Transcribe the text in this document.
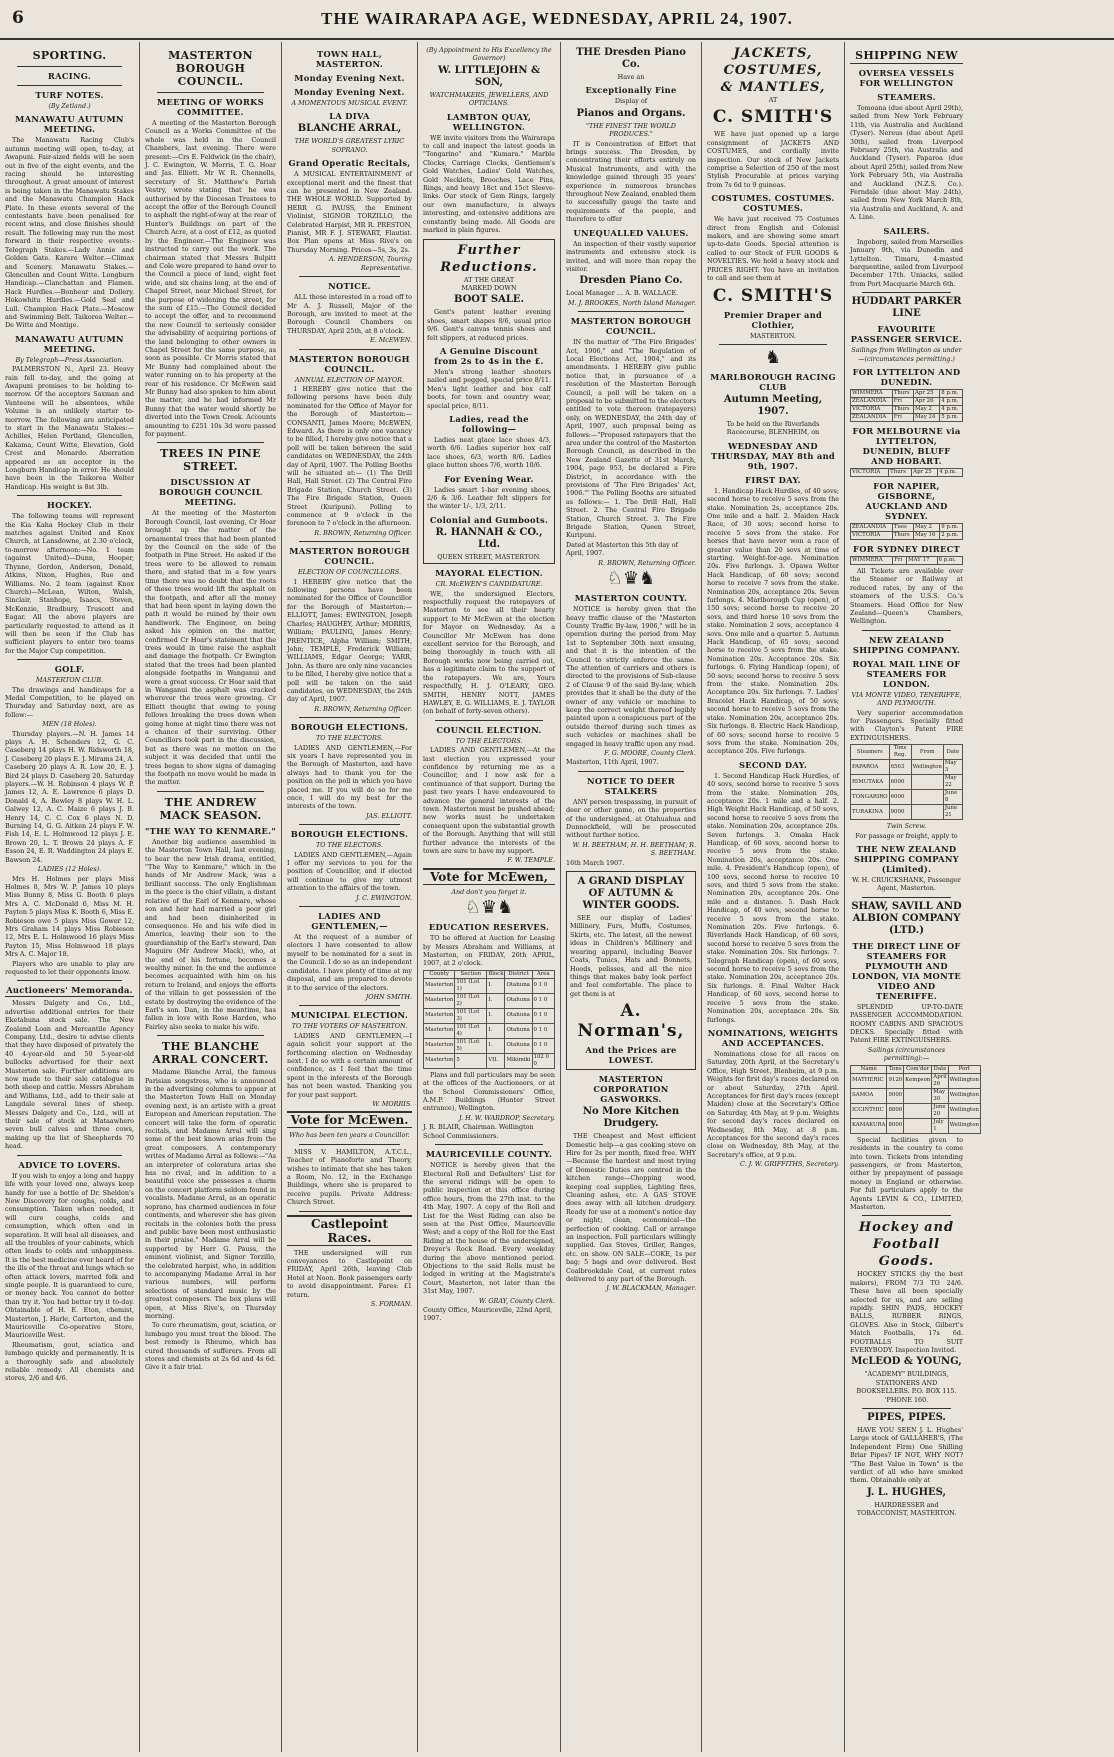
6	THE WAIRARAPA AGE, WEDNESDAY, APRIL 24, 1907.
SPORTING.
RACING.
TURF NOTES.
(By Zetland.)
MANAWATU AUTUMN MEETING.
The Manawatu Racing Club's autumn meeting will open, to-day, at Awapuni. Fair-sized fields will be seen out in five of the eight events, and the racing should be interesting throughout. A great amount of interest is being taken in the Manawatu Stakes and the Manawatu Champion Hack Plate. In these events several of the contestants have been penalised for recent wins, and close finishes should result. The following may run the most forward in their respective events:- Telegraph Stakes.—Lady Annie and Golden Gate. Karere Welter.—Climax and Scenery. Manawatu Stakes.—Glencullen and Count Witte. Longburn Handicap.—Clanchattan and Flamen. Hack Hurdles.—Bonheur and Dollery. Hokowhitu Hurdles.—Gold Seal and Lull. Champion Hack Plate.—Moscow and Swimming Belt. Taikorea Welter.—De Witte and Montige.
MANAWATU AUTUMN MEETING.
By Telegraph—Press Association.
PALMERSTON N., April 23. Heavy rain fell to-day, and the going at Awapuni promises to be holding to-morrow. Of the acceptors Saxman and Vanteene will be absentees, while Volume is an unlikely starter to-morrow. The following are anticipated to start in the Manawatu Stakes:—Achilles, Helen Portland, Glencullen, Kakama, Count Witte, Elevation, Gold Crest and Monardo. Aberration appeared as an acceptor in the Longburn Handicap in error. He should have been in the Taikorea Welter Handicap. His weight is 8st 3lb.
HOCKEY.
The following teams will represent the Kia Kaha Hockey Club in their matches against United and Knox Church, at Lansdowne, at 2.30 o'clock, to-morrow afternoon:—No. 1 team (against United)—Dunn, Hooper, Thynne, Gordon, Anderson, Donald, Atkins, Nixon, Hughes, Rue and Williams. No. 2 team (against Knox Church)—McLean, Wilton, Walsh, Sinclair, Stanhope, Isaacs, Steven, McKenzie, Bradbury, Truscott and Eagar. All the above players are particularly requested to attend as it will then be seen if the Club has sufficient players to enter two teams for the Major Cup competition.
GOLF.
MASTERTON CLUB.
The drawings and handicaps for a Medal Competition, to be played on Thursday and Saturday next, are as follow:—
MEN (18 Holes).
Thursday players.—N. H. James 14 plays A. H. Schenders 12, G. C. Caseberg 14 plays H. W. Ridsworth 18, J. Caseberg 20 plays E. J. Mirams 24, A. Caseberg 20 plays A. R. Low 20, E. J. Bird 24 plays D. Caseberg 20. Saturday players.—W. H. Robinson 4 plays W. P. James 12, A. E. Lawrence 6 plays D. Donald 4, A. Bewley 8 plays W. H. L. Galwey 12, A. C. Maize 6 plays J. B. Henry 14, C. C. Cox 6 plays N. D. Burning 14, G. G. Aitken 24 plays F. W. Fish 14, E. L. Holmwood 12 plays J. E. Brown 20, L. T. Brown 24 plays A. F. Esson 24, E. R. Waddington 24 plays E. Bawson 24.
LADIES (12 Holes).
Mrs H. Holmes per plays Miss Holmes 8, Mrs W. P. James 10 plays Miss Bunny 8, Miss G. Booth 6 plays Mrs A. C. McDonald 6, Miss M. H. Payton 5 plays Miss K. Booth 6, Miss E. Robieson owe 5 plays Miss Gower 12, Mrs Graham 14 plays Miss Robieson 12, Mrs E. L. Holmwood 16 plays Miss Payton 15, Miss Holmwood 18 plays Mrs A. C. Major 18.
Players who are unable to play are requested to let their opponents know.
Auctioneers' Memoranda.
Messrs Dalgety and Co., Ltd., advertise additional entries for their Eketahuna stock sale. The New Zealand Loan and Mercantile Agency Company, Ltd., desire to advise clients that they have disposed of privately the 40 4-year-old and 50 5-year-old bullocks advertised for their next Masterton sale. Further additions are now made to their sale catalogue in both sheep and cattle. Messrs Abraham and Williams, Ltd., add to their sale at Langdale several lines of sheep. Messrs Dalgety and Co., Ltd., will at their sale of stock at Mataawhero seven bull calves and three cows, making up the list of Sheepherds 70 head.
ADVICE TO LOVERS.
If you wish to enjoy a long and happy life with your loved one, always keep handy for use a bottle of Dr. Sheldon's New Discovery for coughs, colds, and consumption. Taken when needed, it will cure coughs, colds and consumption, which often end in separation. It will heal all diseases, and all the troubles of your cabinets, which often leads to colds and unhappiness. It is the best medicine ever heard of for the ills of the throat and lungs which so often attack lovers, married folk and single people. It is guaranteed to cure, or money back. You cannot do better than try it. You had better try it to-day. Obtainable of H. E. Eton, chemist, Masterton, J. Harle, Carterton, and the Mauriceville Co-operative Store, Mauriceville West.
Rheumatism, gout, sciatica and lumbago quickly and permanently. It is a thoroughly safe and absolutely reliable remedy. All chemists and stores, 2/6 and 4/6.
MASTERTON BOROUGH COUNCIL.
MEETING OF WORKS COMMITTEE.
A meeting of the Masterton Borough Council as a Works Committee of the whole was held in the Council Chambers, last evening. There were present:—Crs E. Feldwick (in the chair), J. C. Ewington, W. Morris, T. G. Hoar and Jas. Elliott. Mr W. R. Chennells, secretary of St. Matthew's Parish Vestry, wrote stating that he was authorised by the Diocesan Trustees to accept the offer of the Borough Council to asphalt the right-of-way at the rear of Hunter's Buildings on part of the Church Acre, at a cost of £12, as quoted by the Engineer.—The Engineer was instructed to carry out the work. The chairman stated that Messrs Bulpitt and Cole were prepared to hand over to the Council a piece of land, eight feet wide, and six chains long, at the end of Chapel Street, near Michael Street, for the purpose of widening the street, for the sum of £15.—The Council decided to accept the offer, and to recommend the new Council to seriously consider the advisability of acquiring portions of the land belonging to other owners in Chapel Street for the same purpose, as soon as possible. Cr Morris stated that Mr Bunny had complained about the water running on to his property at the rear of his residence. Cr McEwen said Mr Bunny had also spoken to him about the matter, and he had informed Mr Bunny that the water would shortly be diverted into the Town Creek. Accounts amounting to £251 10s 3d were passed for payment.
TREES IN PINE STREET.
DISCUSSION AT BOROUGH COUNCIL MEETING.
At the meeting of the Masterton Borough Council, last evening, Cr Hoar brought up the matter of the ornamental trees that had been planted by the Council on the side of the footpath in Pine Street. He asked if the trees were to be allowed to remain there, and stated that in a few years time there was no doubt that the roots of these trees would lift the asphalt on the footpath, and after all the money that had been spent in laying down the path it would be ruined by their own handiwork. The Engineer, on being asked his opinion on the matter, confirmed Cr Hoar's statement that the trees would in time raise the asphalt and damage the footpath. Cr Ewington stated that the trees had been planted alongside footpaths in Wanganui and were a great success. Cr Hoar said that in Wanganui the asphalt was cracked wherever the trees were growing. Cr Elliott thought that owing to young fellows breaking the trees down when going home at night time there was not a chance of their surviving. Other Councillors took part in the discussion, but as there was no motion on the subject it was decided that until the trees began to show signs of damaging the footpath no move would be made in the matter.
THE ANDREW MACK SEASON.
"THE WAY TO KENMARE."
Another big audience assembled in the Masterton Town Hall, last evening, to hear the new Irish drama, entitled, "The Way to Kenmare," which in the hands of Mr Andrew Mack, was a brilliant success. The only Englishman in the piece is the chief villain, a distant relative of the Earl of Kenmare, whose son and heir had married a poor girl and had been disinherited in consequence. He and his wife died in America, leaving their son to the guardianship of the Earl's steward, Dan Maguire (Mr Andrew Mack), who, at the end of his fortune, becomes a wealthy miner. In the end the audience becomes acquainted with him on his return to Ireland, and enjoys the efforts of the villain to get possession of the estate by destroying the evidence of the Earl's son. Dan, in the meantime, has fallen in love with Rose Harden, who Fairley also seeks to make his wife.
THE BLANCHE ARRAL CONCERT.
Madame Blanche Arral, the famous Parisian songstress, who is announced in the advertising columns to appear at the Masterton Town Hall on Monday evening next, is an artiste with a great European and American reputation. The concert will take the form of operatic recitals, and Madame Arral will sing some of the best known arias from the great composers. A contemporary writes of Madame Arral as follows:—"As an interpreter of coloratura arias she has no rival, and in addition to a beautiful voice she possesses a charm on the concert platform seldom found in vocalists. Madame Arral, as an operatic soprano, has charmed audiences in four continents, and wherever she has given recitals in the colonies both the press and public have been most enthusiastic in their praise." Madame Arral will be supported by Herr G. Pauss, the eminent violinist, and Signor Torzillo, the celebrated harpist, who, in addition to accompanying Madame Arral in her various numbers, will perform selections of standard music by the greatest composers. The box plans will open, at Miss Rive's, on Thursday morning.
To cure rheumatism, gout, sciatica, or lumbago you must treat the blood. The best remedy is Rheumo, which has cured thousands of sufferers. From all stores and chemists at 2s 6d and 4s 6d. Give it a fair trial.
TOWN HALL, MASTERTON.
Monday Evening Next.
Monday Evening Next.
A MOMENTOUS MUSICAL EVENT.
LA DIVA
BLANCHE ARRAL,
THE WORLD'S GREATEST LYRIC SOPRANO.
Grand Operatic Recitals,
A MUSICAL ENTERTAINMENT of exceptional merit and the finest that can be presented in New Zealand. THE WHOLE WORLD. Supported by HERR G. PAUSS, the Eminent Violinist, SIGNOR TORZILLO, the Celebrated Harpist, MR R. PRESTON, Pianist, MR F. J. STEWART, Flautist. Box Plan opens at Miss Rive's on Thursday Morning. Prices—5s, 3s, 2s.
A. HENDERSON, Touring Representative.
NOTICE.
ALL those interested in a road off to Mr A. J. Russell, Major of the Borough, are invited to meet at the Borough Council Chambers on THURSDAY, April 25th, at 8 o'clock.
E. McEWEN.
MASTERTON BOROUGH COUNCIL.
ANNUAL ELECTION OF MAYOR.
I HEREBY give notice that the following persons have been duly nominated for the Office of Mayor for the Borough of Masterton:— CONSANTI, James Moore; McEWEN, Edward. As there is only one vacancy to be filled, I hereby give notice that a poll will be taken between the said candidates on WEDNESDAY, the 24th day of April, 1907. The Polling Booths will be situated at:— (1) The Drill Hall, Hall Street. (2) The Central Fire Brigade Station, Church Street. (3) The Fire Brigade Station, Queen Street (Kuripuni). Polling to commence at 9 o'clock in the forenoon to 7 o'clock in the afternoon.
R. BROWN, Returning Officer.
MASTERTON BOROUGH COUNCIL.
ELECTION OF COUNCILLORS.
I HEREBY give notice that the following persons have been nominated for the Office of Councillor for the Borough of Masterton:— ELLIOTT, James; EWINGTON, Joseph Charles; HAUGHEY, Arthur; MORRIS, William; PAULING, James Henry; PRENTICE, Alpha William; SMITH, John; TEMPLE, Frederick William; WILLIAMS, Edgar George; YARR, John. As there are only nine vacancies to be filled, I hereby give notice that a poll will be taken on the said candidates, on WEDNESDAY, the 24th day of April, 1907.
R. BROWN, Returning Officer.
BOROUGH ELECTIONS.
TO THE ELECTORS.
LADIES AND GENTLEMEN,—For six years I have represented you in the Borough of Masterton, and have always had to thank you for the position on the poll in which you have placed me. If you will do so for me once, I will do my best for the interests of the town.
JAS. ELLIOTT.
BOROUGH ELECTIONS.
TO THE ELECTORS.
LADIES AND GENTLEMEN,—Again I offer my services to you for the position of Councillor, and if elected will continue to give my utmost attention to the affairs of the town.
J. C. EWINGTON.
LADIES AND GENTLEMEN,—
At the request of a number of electors I have consented to allow myself to be nominated for a seat in the Council. I do so as an independent candidate. I have plenty of time at my disposal, and am prepared to devote it to the service of the electors.
JOHN SMITH.
MUNICIPAL ELECTION.
TO THE VOTERS OF MASTERTON.
LADIES AND GENTLEMEN,—I again solicit your support at the forthcoming election on Wednesday next. I do so with a certain amount of confidence, as I feel that the time spent in the interests of the Borough has not been wasted. Thanking you for your past support.
W. MORRIS.
Vote for McEwen.
Who has been ten years a Councillor.
MISS V. HAMILTON, A.T.C.L., Teacher of Pianoforte and Theory, wishes to intimate that she has taken a Room, No. 12, in the Exchange Buildings, where she is prepared to receive pupils. Private Address: Church Street.
Castlepoint Races.
THE undersigned will run conveyances to Castlepoint on FRIDAY, April 26th, leaving Club Hotel at Noon. Book passengers early to avoid disappointment. Fares: £1 return.
S. FORMAN.
(By Appointment to His Excellency the Governor)
W. LITTLEJOHN & SON,
WATCHMAKERS, JEWELLERS, AND OPTICIANS.
LAMBTON QUAY, WELLINGTON.
WE invite visitors from the Wairarapa to call and inspect the latest goods in "Tongarino" and "Kumara." Marble Clocks, Carriage Clocks, Gentlemen's Gold Watches, Ladies' Gold Watches, Gold Necklets, Brooches, Lace Pins, Rings, and heavy 18ct and 15ct Sleeve-links. Our stock of Gem Rings, largely our own manufacture, is always interesting, and extensive additions are constantly being made. All Goods are marked in plain figures.
Further Reductions.
AT THE GREAT
MARKED DOWN
BOOT SALE.
Gent's patent leather evening shoes, smart shapes 8/6, usual price 9/6. Gent's canvas tennis shoes and felt slippers, at reduced prices.
A Genuine Discount from 2s to 4s in the £.
Men's strong leather shooters nailed and pegged, special price 8/11. Men's light leather and box calf boots, for town and country wear, special price, 8/11.
Ladies, read the following—
Ladies neat glace lace shoes 4/3, worth 6/6. Ladies superior box calf lace shoes, 6/3, worth 8/6. Ladies glace button shoes 7/6, worth 10/6.
For Evening Wear.
Ladies smart 1-bar evening shoes, 2/6 & 3/6. Leather felt slippers for the winter 1/-, 1/3, 2/11.
Colonial and Gumboots.
R. HANNAH & CO., Ltd.
QUEEN STREET, MASTERTON.
MAYORAL ELECTION.
CR. McEWEN'S CANDIDATURE.
WE, the undersigned Electors, respectfully request the ratepayers of Masterton to see all their hearty support to Mr McEwen at the election for Mayor on Wednesday. As a Councillor Mr McEwen has done excellent service for the Borough, and being thoroughly in touch with all Borough works now being carried out, has a legitimate claim to the support of the ratepayers. We are, Yours respectfully, H. J. O'LEARY, GEO. SMITH, HENRY NOTT, JAMES HAWLEY, E. G. WILLIAMS, E. J. TAYLOR (on behalf of forty-seven others).
COUNCIL ELECTION.
TO THE ELECTORS.
LADIES AND GENTLEMEN,—At the last election you expressed your confidence by returning me as a Councillor, and I now ask for a continuance of that support. During the past two years I have endeavoured to advance the general interests of the town. Masterton must be pushed ahead; new works must be undertaken consequent upon the substantial growth of the Borough. Anything that will still further advance the interests of the town are sure to have my support.
F. W. TEMPLE.
Vote for McEwen,
And don't you forget it.
♘♛♞
EDUCATION RESERVES.
TO be offered at Auction for Leasing by Messrs Abraham and Williams, at Masterton, on FRIDAY, 26th APRIL, 1907, at 2 o'clock.
County	Section	Block	District	Area
Masterton	101 (Lot 1)	I.	Otahuna	0 1 0
Masterton	101 (Lot 2)	I.	Otahuna	0 1 0
Masterton	101 (Lot 3)	I.	Otahuna	0 1 0
Masterton	101 (Lot 4)	I.	Otahuna	0 1 0
Masterton	101 (Lot 5)	I.	Otahuna	0 1 0
Masterton	5	VII.	Mikimiki	102 0 0
Plans and full particulars may be seen at the offices of the Auctioneers, or at the School Commissioners' Office, A.M.P. Buildings (Hunter Street entrance), Wellington.
J. H. W. WARDROP, Secretary.
J. R. BLAIR, Chairman. Wellington School Commissioners.
MAURICEVILLE COUNTY.
NOTICE is hereby given that the Electoral Roll and Defaulters' List for the several ridings will be open to public inspection at this office during office hours, from the 27th inst. to the 4th May, 1907. A copy of the Roll and List for the West Riding can also be seen at the Post Office, Mauriceville West; and a copy of the Roll for the East Riding at the house of the undersigned, Dreyer's Rock Road. Every weekday during the above mentioned period. Objections to the said Rolls must be lodged in writing at the Magistrate's Court, Masterton, not later than the 31st May, 1907.
W. GRAY, County Clerk.
County Office, Mauriceville, 22nd April, 1907.
THE Dresden Piano Co.
Have an
Exceptionally Fine
Display of
Pianos and Organs.
"THE FINEST THE WORLD PRODUCES."
IT is Concentration of Effort that brings success. The Dresden, by concentrating their efforts entirely on Musical Instruments, and with the knowledge gained through 35 years' experience in numerous branches throughout New Zealand, enabled them to successfully gauge the taste and requirements of the people, and therefore to offer
UNEQUALLED VALUES.
An inspection of their vastly superior instruments and extensive stock is invited, and will more than repay the visitor.
Dresden Piano Co.
Local Manager … A. B. WALLACE.
M. J. BROOKES, North Island Manager.
MASTERTON BOROUGH COUNCIL.
IN the matter of "The Fire Brigades' Act, 1906," and "The Regulation of Local Elections Act, 1904," and its amendments. I HEREBY give public notice that, in pursuance of a resolution of the Masterton Borough Council, a poll will be taken on a proposal to be submitted to the electors entitled to vote thereon (ratepayers) only, on WEDNESDAY, the 24th day of April, 1907, such proposal being as follows:—"Proposed ratepayers that the area under the control of the Masterton Borough Council, as described in the New Zealand Gazette of 31st March, 1904, page 953, be declared a Fire District, in accordance with the provisions of 'The Fire Brigades' Act, 1906.'" The Polling Booths are situated as follows:— 1. The Drill Hall, Hall Street. 2. The Central Fire Brigade Station, Church Street. 3. The Fire Brigade Station, Queen Street, Kuripuni.
Dated at Masterton this 5th day of April, 1907.
R. BROWN, Returning Officer.
♘♛♞
MASTERTON COUNTY.
NOTICE is hereby given that the heavy traffic clause of the "Masterton County Traffic By-law, 1906," will be in operation during the period from May 1st to September 30th next ensuing, and that it is the intention of the Council to strictly enforce the same. The attention of carriers and others is directed to the provisions of Sub-clause 2 of Clause 9 of the said By-law, which provides that it shall be the duty of the owner of any vehicle or machine to keep the correct weight thereof legibly painted upon a conspicuous part of the outside thereof during such times as such vehicles or machines shall be engaged in heavy traffic upon any road.
F. G. MOORE, County Clerk.
Masterton, 11th April, 1907.
NOTICE TO DEER STALKERS
ANY person trespassing, in pursuit of deer or other game, on the properties of the undersigned, at Otahuahua and Dunnockfield, will be prosecuted without further notice.
W. H. BEETHAM, H. H. BEETHAM, R. S. BEETHAM.
16th March 1907.
A GRAND DISPLAY OF AUTUMN & WINTER GOODS.
SEE our display of Ladies' Millinery, Furs, Muffs, Costumes, Skirts, etc. The latest, all the newest ideas in Children's Millinery and wearing apparel, including Beaver Coats, Tunics, Hats and Bonnets, Hoods, pelisses, and all the nice things that makes baby look perfect and feel comfortable. The place to get them is at
A. Norman's,
And the Prices are LOWEST.
MASTERTON CORPORATION GASWORKS.
No More Kitchen Drudgery.
THE Cheapest and Most efficient Domestic help—a gas cooking stove on Hire for 2s per month, fixed free. WHY—Because the hardest and most trying of Domestic Duties are centred in the kitchen range—Chopping wood, keeping coal supplies, Lighting fires, Cleaning ashes, etc. A GAS STOVE does away with all kitchen drudgery. Ready for use at a moment's notice day or night; clean, economical—the perfection of cooking. Call or arrange an inspection. Full particulars willingly supplied. Gas Stoves, Griller, Ranges, etc. on show. ON SALE—COKE, 1s per bag; 5 bags and over delivered. Best Coalbrookdale Coal, at current rates delivered to any part of the Borough.
J. W. BLACKMAN, Manager.
JACKETS,
COSTUMES,
& MANTLES,
AT
C. SMITH'S
WE have just opened up a large consignment of JACKETS AND COSTUMES, and cordially invite inspection. Our stock of New Jackets comprise a Selection of 250 of the most Stylish Procurable at prices varying from 7s 6d to 9 guineas.
COSTUMES. COSTUMES. COSTUMES.
We have just received 75 Costumes direct from English and Colonial makers, and are showing some smart up-to-date Goods. Special attention is called to our Stock of FUR GOODS & NOVELTIES. We hold a heavy stock and PRICES RIGHT. You have an invitation to call and see them at
C. SMITH'S
Premier Draper and Clothier,
MASTERTON.
♞
MARLBOROUGH RACING CLUB
Autumn Meeting, 1907.
To be held on the Riverlands Racecourse, BLENHEIM, on
WEDNESDAY AND THURSDAY, MAY 8th and 9th, 1907.
FIRST DAY.
1. Handicap Hack Hurdles, of 40 sovs; second horse to receive 5 sovs from the stake. Nomination 2s, acceptance 20s. One mile and a half. 2. Maiden Hack Race, of 30 sovs; second horse to receive 5 sovs from the stake. For horses that have never won a race of greater value than 20 sovs at time of starting. Weight-for-age. Nomination 20s. Five furlongs. 3. Opawa Welter Hack Handicap, of 60 sovs; second horse to receive 7 sovs from the stake. Nomination 20s, acceptance 20s. Seven furlongs. 4. Marlborough Cup (open), of 150 sovs; second horse to receive 20 sovs, and third horse 10 sovs from the stake. Nomination 2 sovs, acceptance 4 sovs. One mile and a quarter. 5. Autumn Hack Handicap, of 65 sovs; second horse to receive 5 sovs from the stake. Nomination 20s. Acceptance 20s. Six furlongs. 6. Flying Handicap (open), of 50 sovs; second horse to receive 5 sovs from the stake. Nomination 20s. Acceptance 20s. Six furlongs. 7. Ladies' Bracelet Hack Handicap, of 50 sovs; second horse to receive 5 sovs from the stake. Nomination 20s, acceptance 20s. Six furlongs. 8. Electric Hack Handicap, of 60 sovs; second horse to receive 5 sovs from the stake. Nomination 20s, acceptance 20s. Five furlongs.
SECOND DAY.
1. Second Handicap Hack Hurdles, of 40 sovs, second horse to receive 5 sovs from the stake. Nomination 20s, acceptance 20s. 1 mile and a half. 2. High Weight Hack Handicap, of 50 sovs, second horse to receive 5 sovs from the stake. Nomination 20s, acceptance 20s. Seven furlongs. 3. Omaka Hack Handicap, of 60 sovs, second horse to receive 5 sovs from the stake. Nomination 20s, acceptance 20s. One mile. 4. President's Handicap (open), of 100 sovs, second horse to receive 10 sovs, and third 5 sovs from the stake. Nomination 20s, acceptance 20s. One mile and a distance. 5. Dash Hack Handicap, of 40 sovs, second horse to receive 5 sovs from the stake. Nomination 20s. Five furlongs. 6. Riverlands Hack Handicap, of 60 sovs, second horse to receive 5 sovs from the stake. Nomination 20s. Six furlongs. 7. Telegraph Handicap (open), of 60 sovs, second horse to receive 5 sovs from the stake. Nomination 20s, acceptance 20s. Six furlongs. 8. Final Welter Hack Handicap, of 60 sovs, second horse to receive 5 sovs from the stake. Nomination 20s, acceptance 20s. Six furlongs.
NOMINATIONS, WEIGHTS AND ACCEPTANCES.
Nominations close for all races on Saturday, 20th April, at the Secretary's Office, High Street, Blenheim, at 9 p.m. Weights for first day's races declared on or about Saturday, 27th April. Acceptances for first day's races (except Maiden) close at the Secretary's Office on Saturday, 4th May, at 9 p.m. Weights for second day's races declared on Wednesday, 8th May, at 8 p.m. Acceptances for the second day's races close on Wednesday, 8th May, at the Secretary's office, at 9 p.m.
C. J. W. GRIFFITHS, Secretary.
SHIPPING NEW
OVERSEA VESSELS FOR WELLINGTON
STEAMERS.
Tomoana (due about April 29th), sailed from New York February 11th, via Australia and Auckland (Tyser). Nereus (due about April 30th), sailed from Liverpool February 25th, via Australia and Auckland (Tyser). Paparoa (due about April 25th), sailed from New York February 5th, via Australia and Auckland (N.Z.S. Co.). Ferndale (due about May 24th), sailed from New York March 8th, via Australia and Auckland, A. and A. Line.
SAILERS.
Ingeborg, sailed from Marseilles January 9th, via Dunedin and Lyttelton. Timaru, 4-masted barquentine, sailed from Liverpool December 17th. Uniacks, sailed from Port Macquarie March 6th.
HUDDART PARKER LINE
FAVOURITE PASSENGER SERVICE.
Sailings from Wellington as under—(circumstances permitting.)
FOR LYTTELTON AND DUNEDIN.
WIMMERA	Thurs	Apr 25	8 p.m.
ZEALANDIA	Fri	Apr 26	4 p.m.
VICTORIA	Thurs	May 2	4 p.m.
ZEALANDIA	Fri	May 24	5 p.m.
FOR MELBOURNE via LYTTELTON, DUNEDIN, BLUFF AND HOBART.
VICTORIA	Thurs	Apr 25	4 p.m.
FOR NAPIER, GISBORNE, AUCKLAND AND SYDNEY.
ZEALANDIA	Tues	May 2	9 p.m.
VICTORIA	Thurs	May 16	2 p.m.
FOR SYDNEY DIRECT
WIMMERA	Fri	MAY 17	6 p.m.
All Tickets are available over the Steamer or Railway at reduced rates, by any of the steamers of the U.S.S. Co.'s Steamers. Head Office for New Zealand—Queen's Chambers, Wellington.
NEW ZEALAND SHIPPING COMPANY.
ROYAL MAIL LINE OF STEAMERS FOR LONDON.
VIA MONTE VIDEO, TENERIFFE, AND PLYMOUTH.
Very superior accommodation for Passengers. Specially fitted with Clayton's Patent FIRE EXTINGUISHERS.
Steamers	Tons Reg.	From	Date
PAPAROA	6563	Wellington	May 3
RIMUTAKA	6000		May 22
TONGARIRO	6000		June 8
TURAKINA	9000		June 21
Twin Screw.
For passage or freight, apply to
THE NEW ZEALAND SHIPPING COMPANY (Limited).
W. H. CRUICKSHANK, Passenger Agent, Masterton.
SHAW, SAVILL AND ALBION COMPANY (LTD.)
THE DIRECT LINE OF STEAMERS FOR PLYMOUTH AND LONDON, VIA MONTE VIDEO AND TENERIFFE.
SPLENDID UP-TO-DATE PASSENGER ACCOMMODATION. ROOMY CABINS AND SPACIOUS DECKS. Specially fitted with Patent FIRE EXTINGUISHERS.
Sailings (circumstances permitting):—
Name	Tons	Com'der	Date	Port
MATHERIC	9120	Kempson	April 26	Wellington
SAMOA	9000		May 30	Wellington
ICCINTHIC	8800		June 20	Wellington
KAMAKURA	8000		July 1	Wellington
Special facilities given to residents in the country to come into town. Tickets from intending passengers, or from Masterton, either by prepayment of passage money in England or otherwise. For full particulars apply to the Agents LEVIN & CO., LIMITED, Masterton.
Hockey and Football Goods.
HOCKEY STICKS (by the best makers), FROM 7/3 TO 24/6. These have all been specially selected for us, and are selling rapidly. SHIN PADS, HOCKEY BALLS, RUBBER RINGS, GLOVES. Also in Stock, Gilbert's Match Footballs, 17s 6d. FOOTBALLS TO SUIT EVERYBODY. Inspection Invited.
McLEOD & YOUNG,
"ACADEMY" BUILDINGS, STATIONERS AND BOOKSELLERS. P.O. BOX 115. 'PHONE 160.
PIPES, PIPES.
HAVE YOU SEEN J. L. Hughes' Large stock of GALLAHER'S, (The Independent Firm) One Shilling Briar Pipes? IF NOT, WHY NOT? "The Best Value in Town" is the verdict of all who have smoked them. Obtainable only at
J. L. HUGHES,
HAIRDRESSER and TOBACCONIST, MASTERTON.
